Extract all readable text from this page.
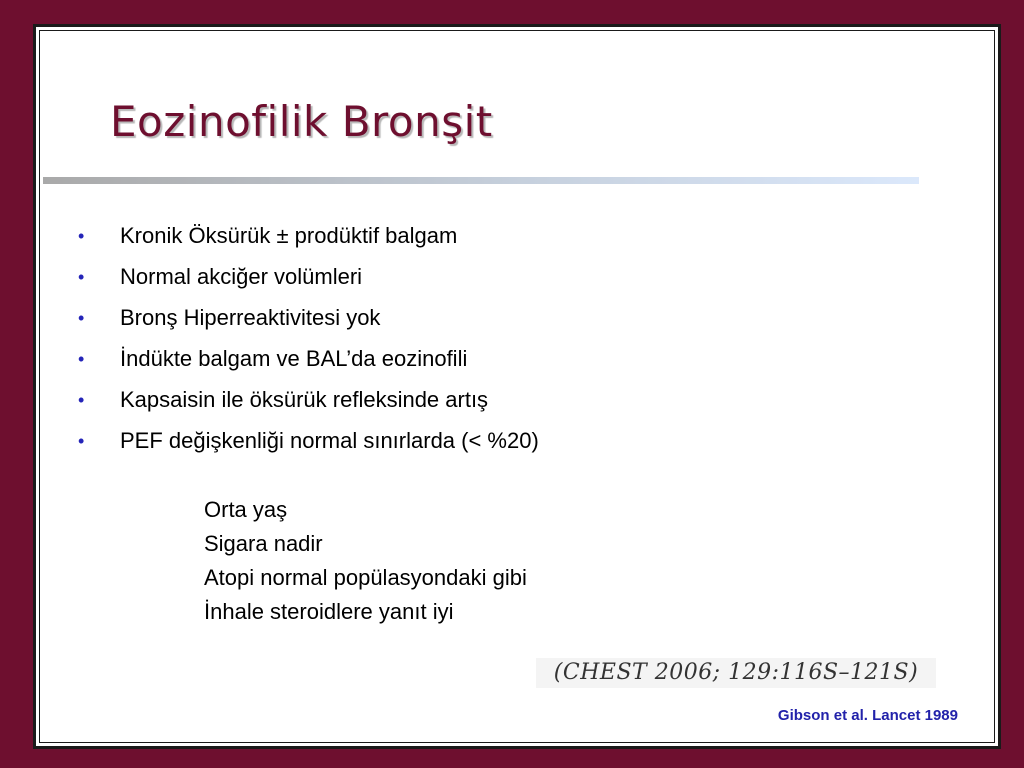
Eozinofilik Bronşit
• Kronik Öksürük ± prodüktif balgam
• Normal akciğer volümleri
• Bronş Hiperreaktivitesi yok
• İndükte balgam ve BAL’da eozinofili
• Kapsaisin ile öksürük refleksinde artış
• PEF değişkenliği normal sınırlarda (< %20)
Orta yaş
Sigara nadir
Atopi normal popülasyondaki gibi
İnhale steroidlere yanıt iyi
(CHEST 2006; 129:116S–121S)
Gibson et al. Lancet 1989
